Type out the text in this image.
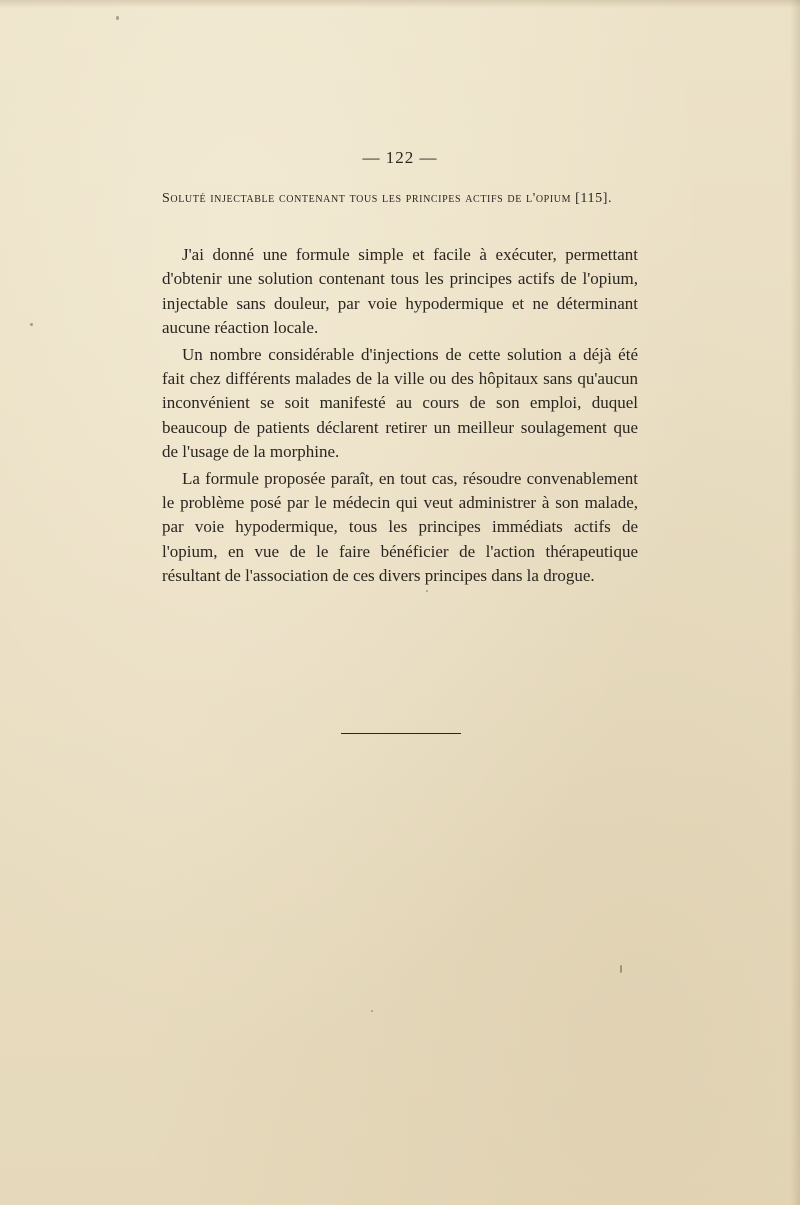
— 122 —
Soluté injectable contenant tous les principes actifs de l'opium [115].

J'ai donné une formule simple et facile à exécuter, permettant d'obtenir une solution contenant tous les principes actifs de l'opium, injectable sans douleur, par voie hypodermique et ne déterminant aucune réaction locale.

Un nombre considérable d'injections de cette solution a déjà été fait chez différents malades de la ville ou des hôpitaux sans qu'aucun inconvénient se soit manifesté au cours de son emploi, duquel beaucoup de patients déclarent retirer un meilleur soulagement que de l'usage de la morphine.

La formule proposée paraît, en tout cas, résoudre convenablement le problème posé par le médecin qui veut administrer à son malade, par voie hypodermique, tous les principes immédiats actifs de l'opium, en vue de le faire bénéficier de l'action thérapeutique résultant de l'association de ces divers principes dans la drogue.
